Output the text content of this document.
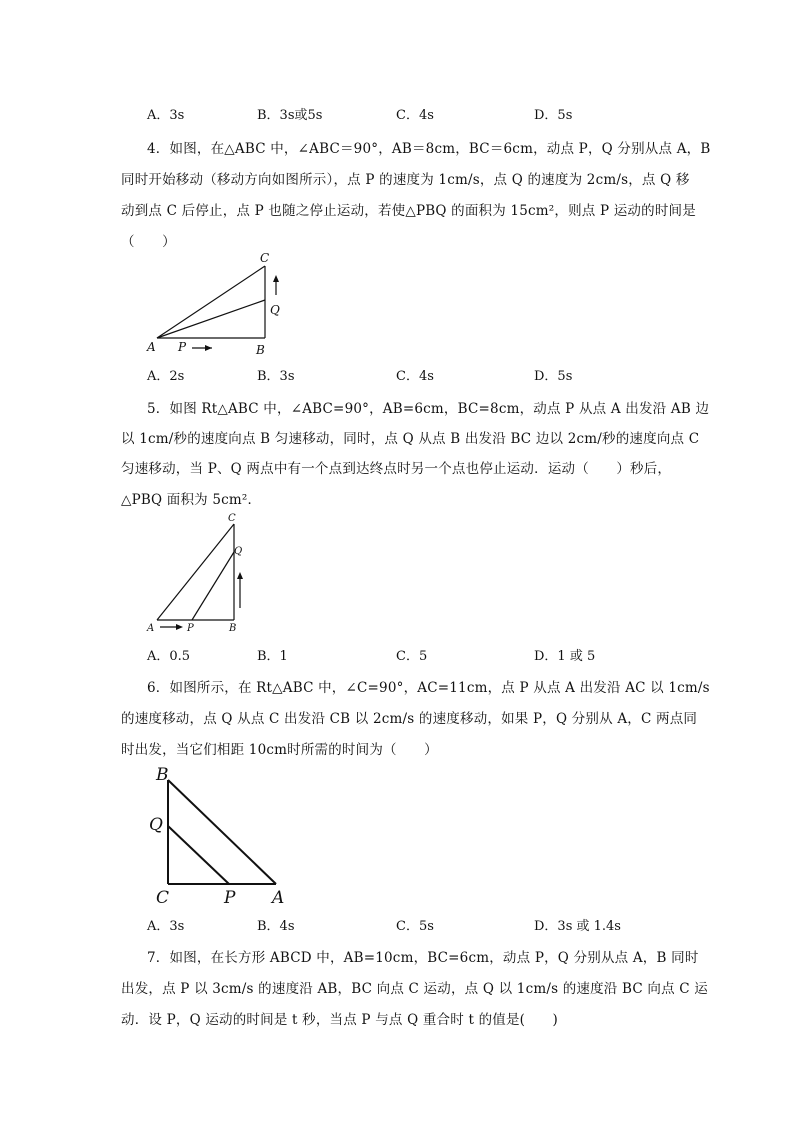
A．3s	B．3s或5s	C．4s	D．5s
4．如图，在△ABC 中，∠ABC＝90°，AB＝8cm，BC＝6cm，动点 P，Q 分别从点 A，B
同时开始移动（移动方向如图所示），点 P 的速度为 1cm/s，点 Q 的速度为 2cm/s，点 Q 移
动到点 C 后停止，点 P 也随之停止运动，若使△PBQ 的面积为 15cm²，则点 P 运动的时间是
（　　）
A P	B
C
Q
A．2s	B．3s	C．4s	D．5s
5．如图 Rt△ABC 中，∠ABC=90°，AB=6cm，BC=8cm，动点 P 从点 A 出发沿 AB 边
以 1cm/秒的速度向点 B 匀速移动，同时，点 Q 从点 B 出发沿 BC 边以 2cm/秒的速度向点 C
匀速移动，当 P、Q 两点中有一个点到达终点时另一个点也停止运动．运动（　　）秒后，
△PBQ 面积为 5cm²．
A	P	B
C
Q
A．0.5	B．1	C．5	D．1 或 5
6．如图所示，在 Rt△ABC 中，∠C=90°，AC=11cm，点 P 从点 A 出发沿 AC 以 1cm/s
的速度移动，点 Q 从点 C 出发沿 CB 以 2cm/s 的速度移动，如果 P，Q 分别从 A，C 两点同
时出发，当它们相距 10cm时所需的时间为（　　）
B
Q
C	P A
A．3s	B．4s	C．5s	D．3s 或 1.4s
7．如图，在长方形 ABCD 中，AB=10cm，BC=6cm，动点 P，Q 分别从点 A，B 同时
出发，点 P 以 3cm/s 的速度沿 AB，BC 向点 C 运动，点 Q 以 1cm/s 的速度沿 BC 向点 C 运
动．设 P，Q 运动的时间是 t 秒，当点 P 与点 Q 重合时 t 的值是(　　)
